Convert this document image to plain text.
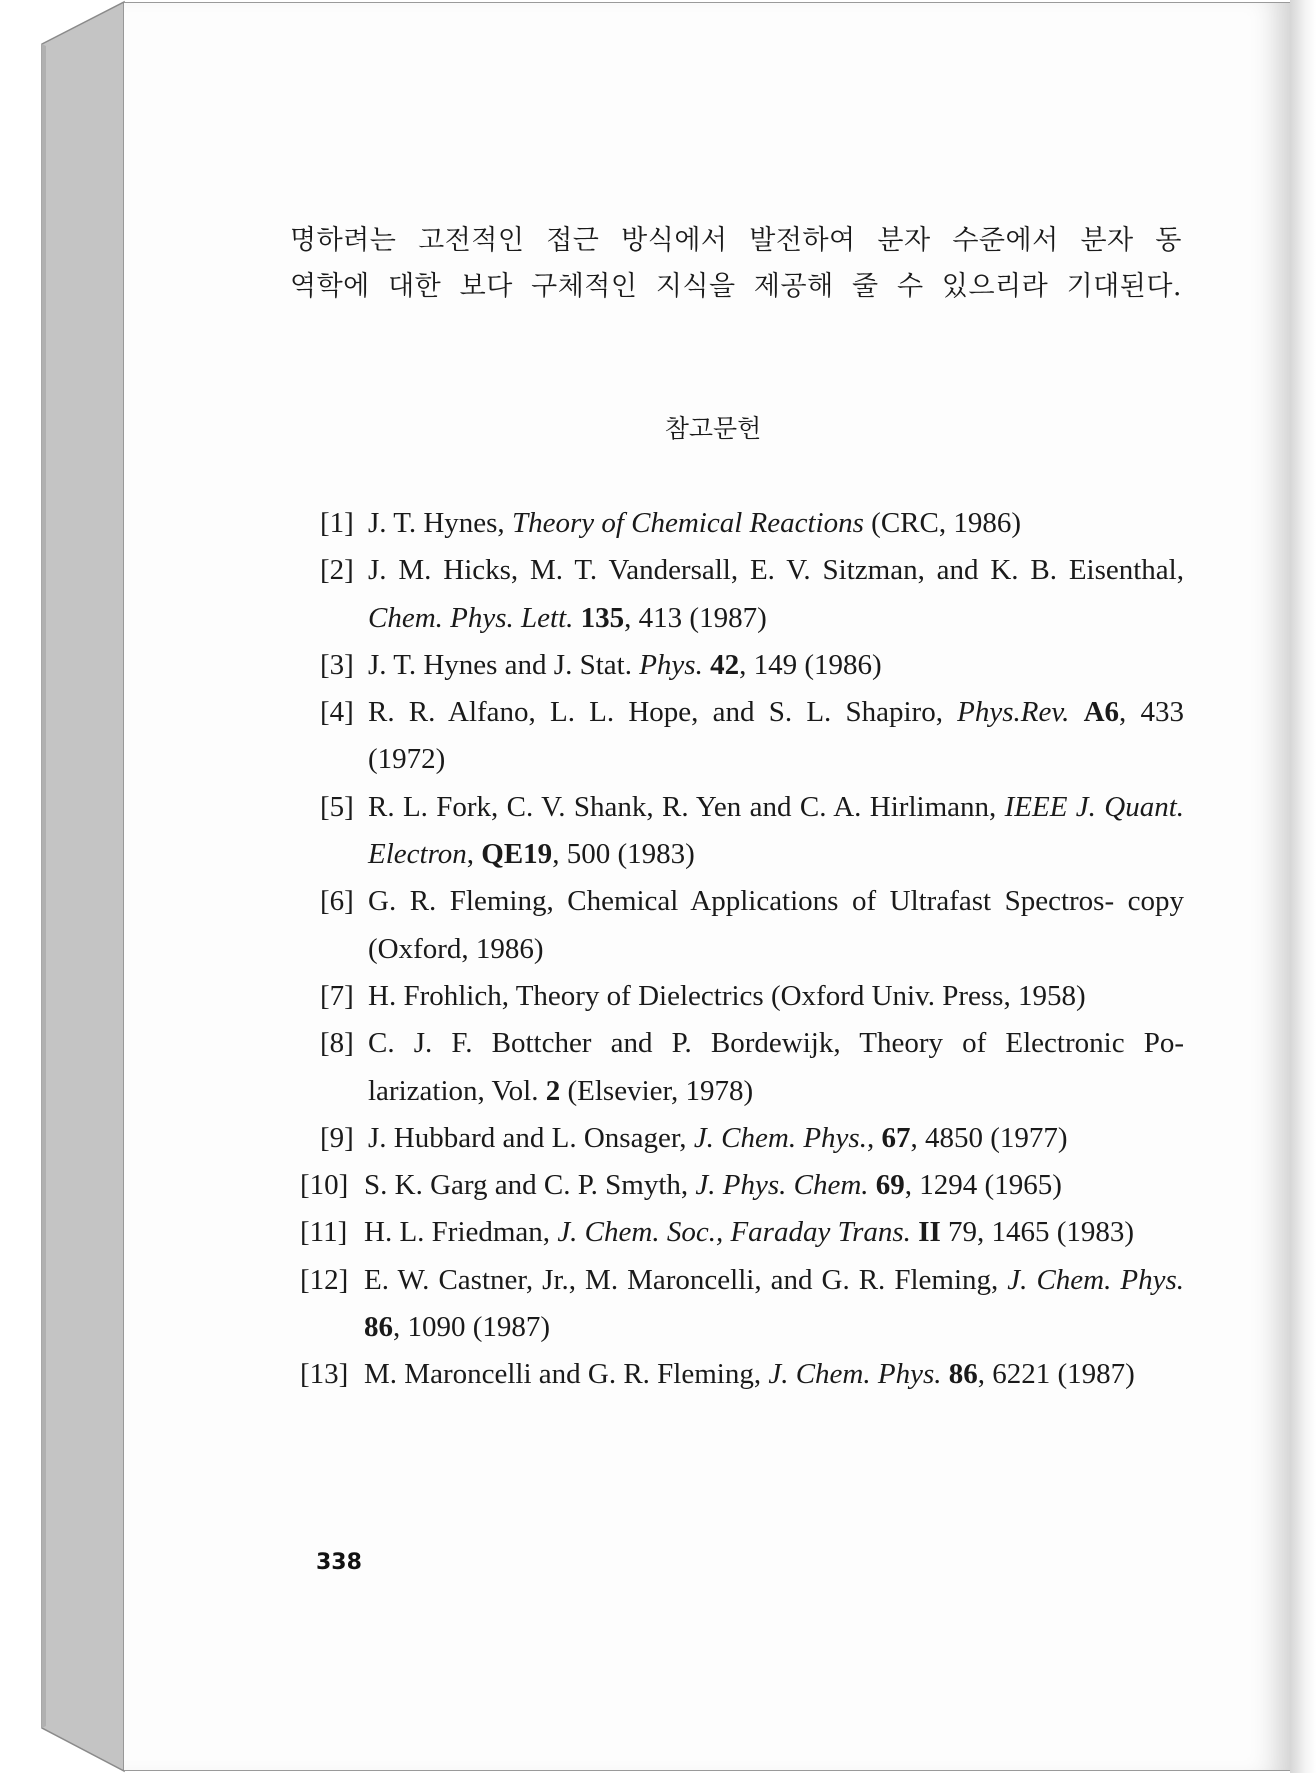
명하려는 고전적인 접근 방식에서 발전하여 분자 수준에서 분자 동
역학에 대한 보다 구체적인 지식을 제공해 줄 수 있으리라 기대된다.
참고문헌
[1] J. T. Hynes, Theory of Chemical Reactions (CRC, 1986)
[2] J. M. Hicks, M. T. Vandersall, E. V. Sitzman, and K. B. Eisenthal, Chem. Phys. Lett. 135, 413 (1987)
[3] J. T. Hynes and J. Stat. Phys. 42, 149 (1986)
[4] R. R. Alfano, L. L. Hope, and S. L. Shapiro, Phys.Rev. A6, 433 (1972)
[5] R. L. Fork, C. V. Shank, R. Yen and C. A. Hirlimann, IEEE J. Quant. Electron, QE19, 500 (1983)
[6] G. R. Fleming, Chemical Applications of Ultrafast Spectros- copy (Oxford, 1986)
[7] H. Frohlich, Theory of Dielectrics (Oxford Univ. Press, 1958)
[8] C. J. F. Bottcher and P. Bordewijk, Theory of Electronic Po- larization, Vol. 2 (Elsevier, 1978)
[9] J. Hubbard and L. Onsager, J. Chem. Phys., 67, 4850 (1977)
[10] S. K. Garg and C. P. Smyth, J. Phys. Chem. 69, 1294 (1965)
[11] H. L. Friedman, J. Chem. Soc., Faraday Trans. II 79, 1465 (1983)
[12] E. W. Castner, Jr., M. Maroncelli, and G. R. Fleming, J. Chem. Phys. 86, 1090 (1987)
[13] M. Maroncelli and G. R. Fleming, J. Chem. Phys. 86, 6221 (1987)
338
